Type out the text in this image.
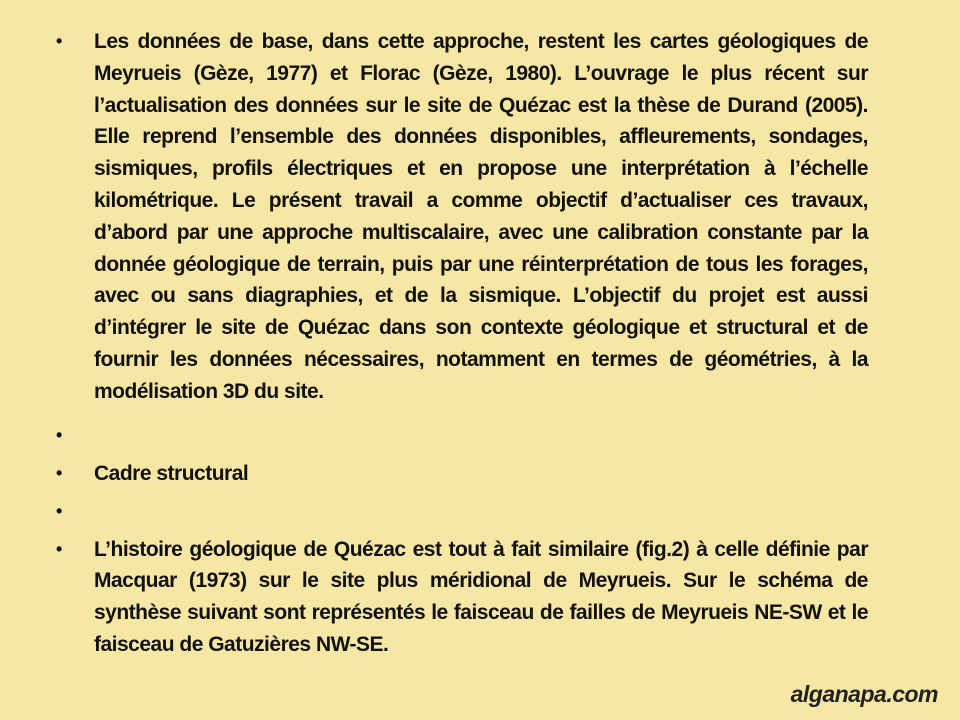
• Les données de base, dans cette approche, restent les cartes géologiques de Meyrueis (Gèze, 1977) et Florac (Gèze, 1980). L’ouvrage le plus récent sur l’actualisation des données sur le site de Quézac est la thèse de Durand (2005). Elle reprend l’ensemble des données disponibles, affleurements, sondages, sismiques, profils électriques et en propose une interprétation à l’échelle kilométrique. Le présent travail a comme objectif d’actualiser ces travaux, d’abord par une approche multiscalaire, avec une calibration constante par la donnée géologique de terrain, puis par une réinterprétation de tous les forages, avec ou sans diagraphies, et de la sismique. L’objectif du projet est aussi d’intégrer le site de Quézac dans son contexte géologique et structural et de fournir les données nécessaires, notamment en termes de géométries, à la modélisation 3D du site.
•
• Cadre structural
•
• L’histoire géologique de Quézac est tout à fait similaire (fig.2) à celle définie par Macquar (1973) sur le site plus méridional de Meyrueis. Sur le schéma de synthèse suivant sont représentés le faisceau de failles de Meyrueis NE-SW et le faisceau de Gatuzières NW-SE.
alganapa.com
